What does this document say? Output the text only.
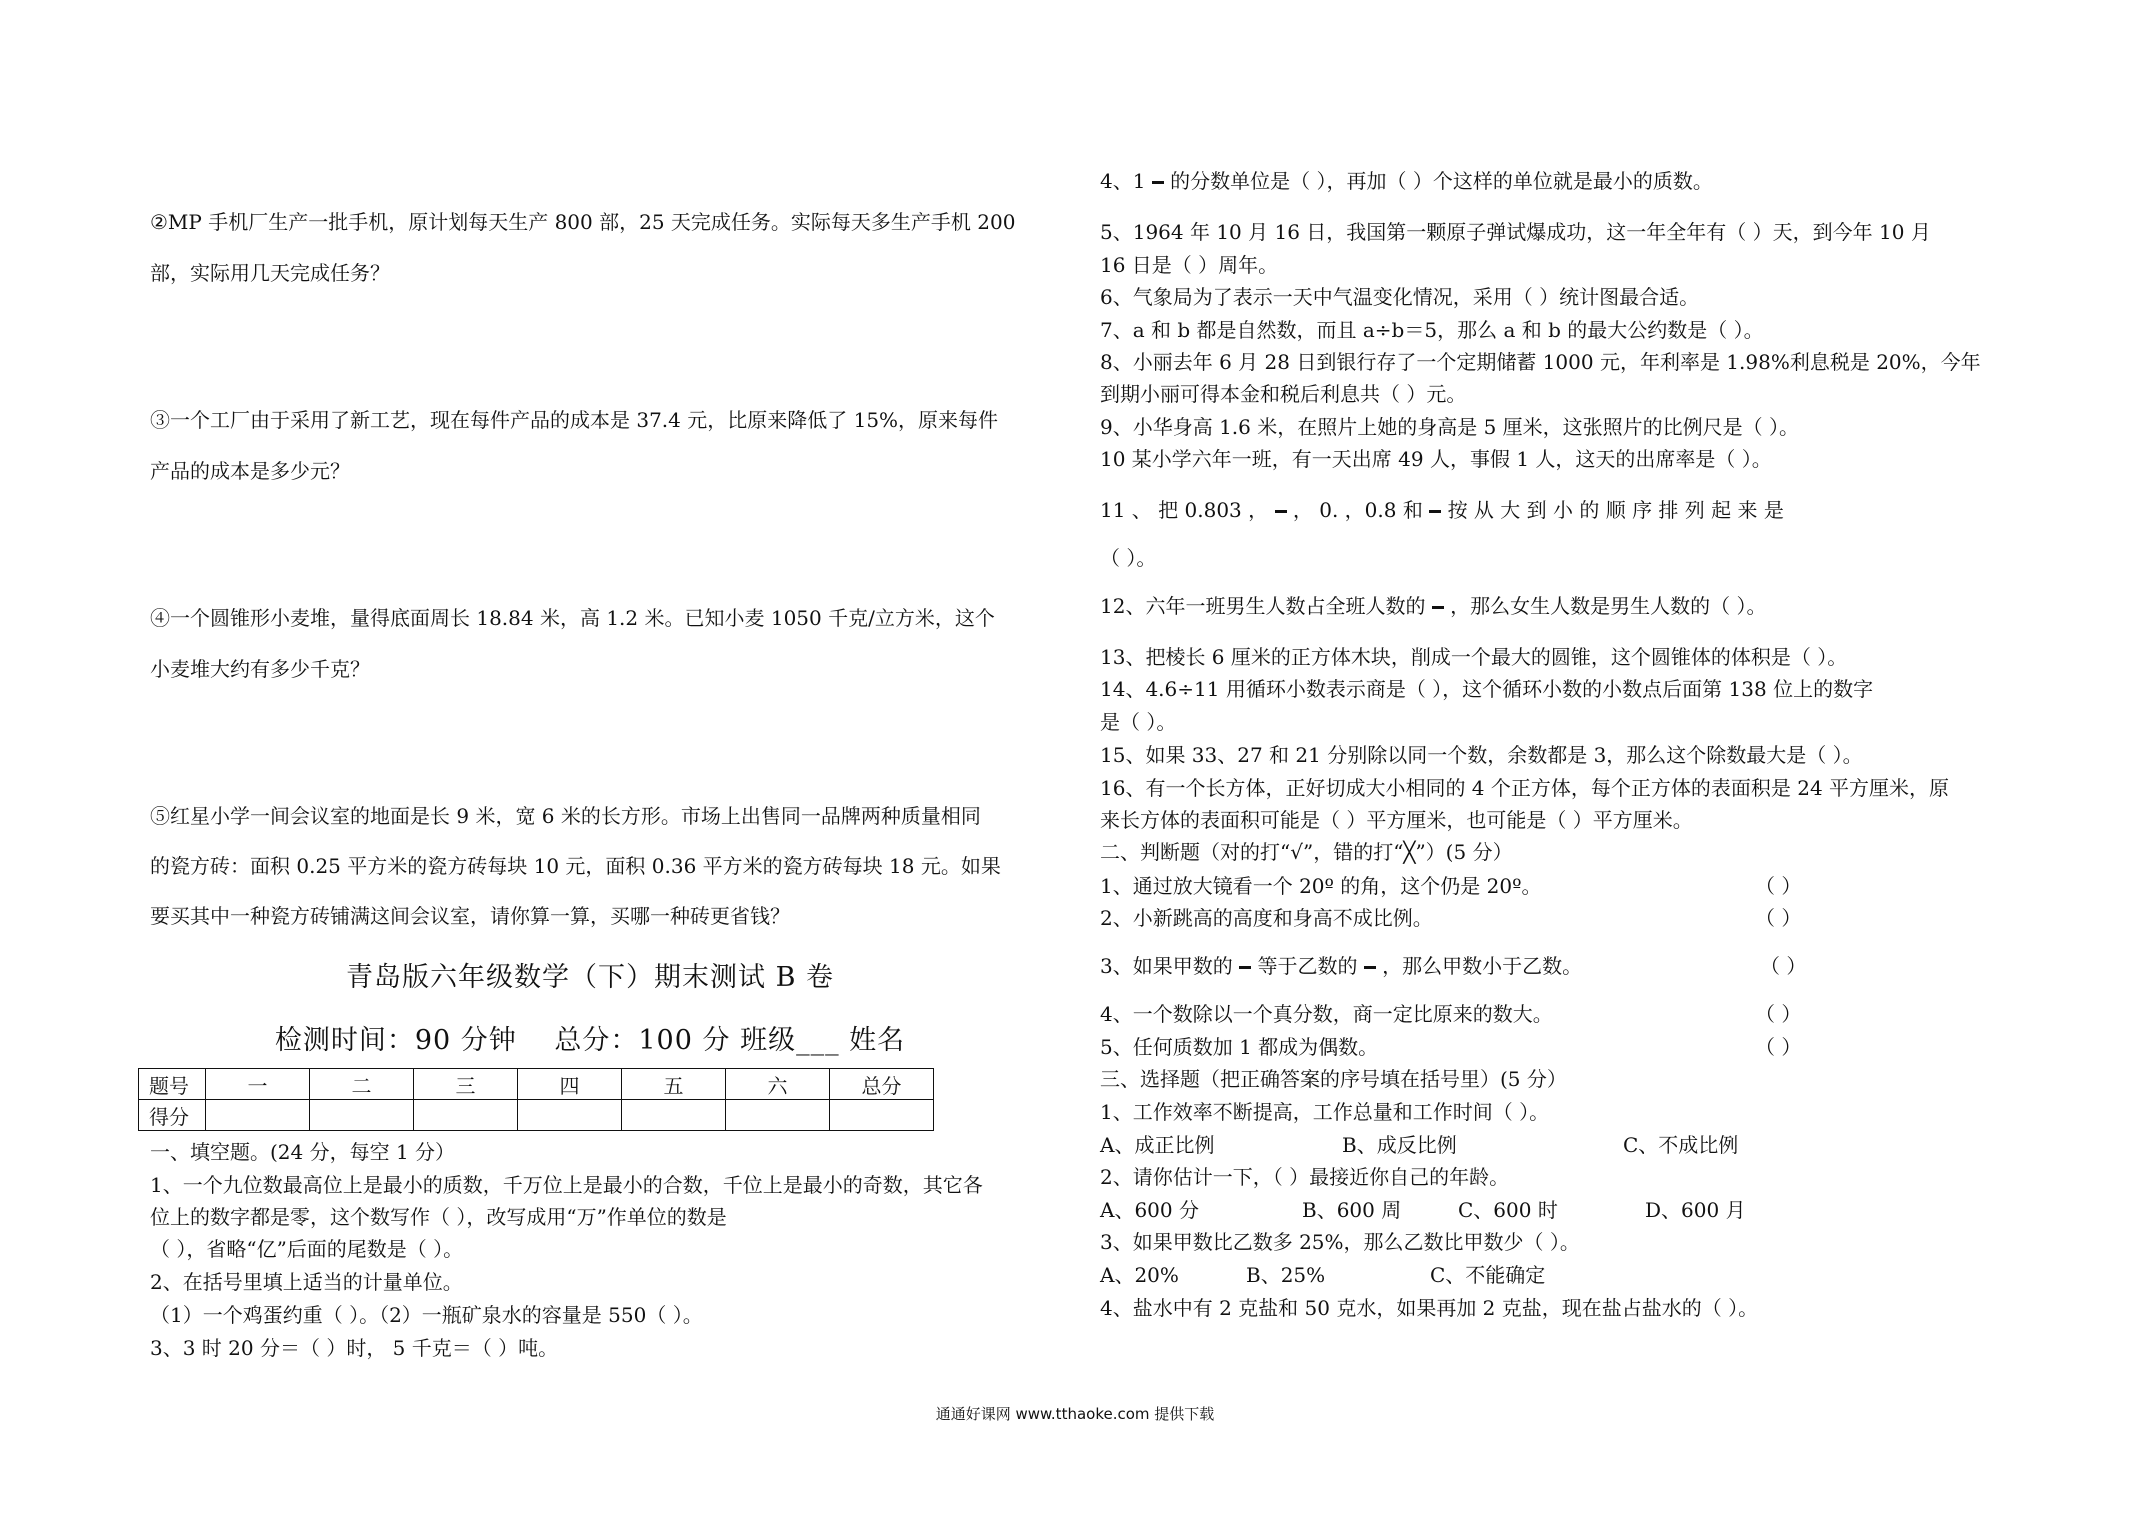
②MP 手机厂生产一批手机，原计划每天生产 800 部，25 天完成任务。实际每天多生产手机 200
部，实际用几天完成任务？
③一个工厂由于采用了新工艺，现在每件产品的成本是 37.4 元，比原来降低了 15%，原来每件
产品的成本是多少元？
④一个圆锥形小麦堆，量得底面周长 18.84 米，高 1.2 米。已知小麦 1050 千克/立方米，这个
小麦堆大约有多少千克？
⑤红星小学一间会议室的地面是长 9 米，宽 6 米的长方形。市场上出售同一品牌两种质量相同
的瓷方砖：面积 0.25 平方米的瓷方砖每块 10 元，面积 0.36 平方米的瓷方砖每块 18 元。如果
要买其中一种瓷方砖铺满这间会议室，请你算一算，买哪一种砖更省钱？
青岛版六年级数学（下）期末测试 B 卷
检测时间：90 分钟　 总分：100 分 班级___ 姓名
题号	一	二	三	四	五	六	总分
得分							
一、填空题。(24 分，每空 1 分）
1、一个九位数最高位上是最小的质数，千万位上是最小的合数，千位上是最小的奇数，其它各
位上的数字都是零，这个数写作（ ），改写成用“万”作单位的数是
（ ），省略“亿”后面的尾数是（ ）。
2、在括号里填上适当的计量单位。
（1）一个鸡蛋约重（ ）。（2）一瓶矿泉水的容量是 550（ ）。
3、3 时 20 分＝（ ）时， 5 千克＝（ ）吨。
4、1 的分数单位是（ ），再加（ ）个这样的单位就是最小的质数。
5、1964 年 10 月 16 日，我国第一颗原子弹试爆成功，这一年全年有（ ）天，到今年 10 月
16 日是（ ）周年。
6、气象局为了表示一天中气温变化情况，采用（ ）统计图最合适。
7、a 和 b 都是自然数，而且 a÷b＝5，那么 a 和 b 的最大公约数是（ ）。
8、小丽去年 6 月 28 日到银行存了一个定期储蓄 1000 元，年利率是 1.98%利息税是 20%，今年
到期小丽可得本金和税后利息共（ ）元。
9、小华身高 1.6 米，在照片上她的身高是 5 厘米，这张照片的比例尺是（ ）。
10 某小学六年一班，有一天出席 49 人，事假 1 人，这天的出席率是（ ）。
11 、 把 0.803 ， ， 0. ，0.8 和 按 从 大 到 小 的 顺 序 排 列 起 来 是
（ ）。
12、六年一班男生人数占全班人数的 ，那么女生人数是男生人数的（ ）。
13、把棱长 6 厘米的正方体木块，削成一个最大的圆锥，这个圆锥体的体积是（ ）。
14、4.6÷11 用循环小数表示商是（ ），这个循环小数的小数点后面第 138 位上的数字
是（ ）。
15、如果 33、27 和 21 分别除以同一个数，余数都是 3，那么这个除数最大是（ ）。
16、有一个长方体，正好切成大小相同的 4 个正方体，每个正方体的表面积是 24 平方厘米，原
来长方体的表面积可能是（ ）平方厘米，也可能是（ ）平方厘米。
二、判断题（对的打“√”，错的打“╳”）(5 分）
1、通过放大镜看一个 20º 的角，这个仍是 20º。	（ ）
2、小新跳高的高度和身高不成比例。	（ ）
3、如果甲数的 等于乙数的 ，那么甲数小于乙数。	（ ）
4、一个数除以一个真分数，商一定比原来的数大。	（ ）
5、任何质数加 1 都成为偶数。	（ ）
三、选择题（把正确答案的序号填在括号里）(5 分）
1、工作效率不断提高，工作总量和工作时间（ ）。
A、成正比例	B、成反比例	C、不成比例
2、请你估计一下，（ ）最接近你自己的年龄。
A、600 分	B、600 周	C、600 时	D、600 月
3、如果甲数比乙数多 25%，那么乙数比甲数少（ ）。
A、20%	B、25%	C、不能确定
4、盐水中有 2 克盐和 50 克水，如果再加 2 克盐，现在盐占盐水的（ ）。
通通好课网 www.tthaoke.com 提供下载
